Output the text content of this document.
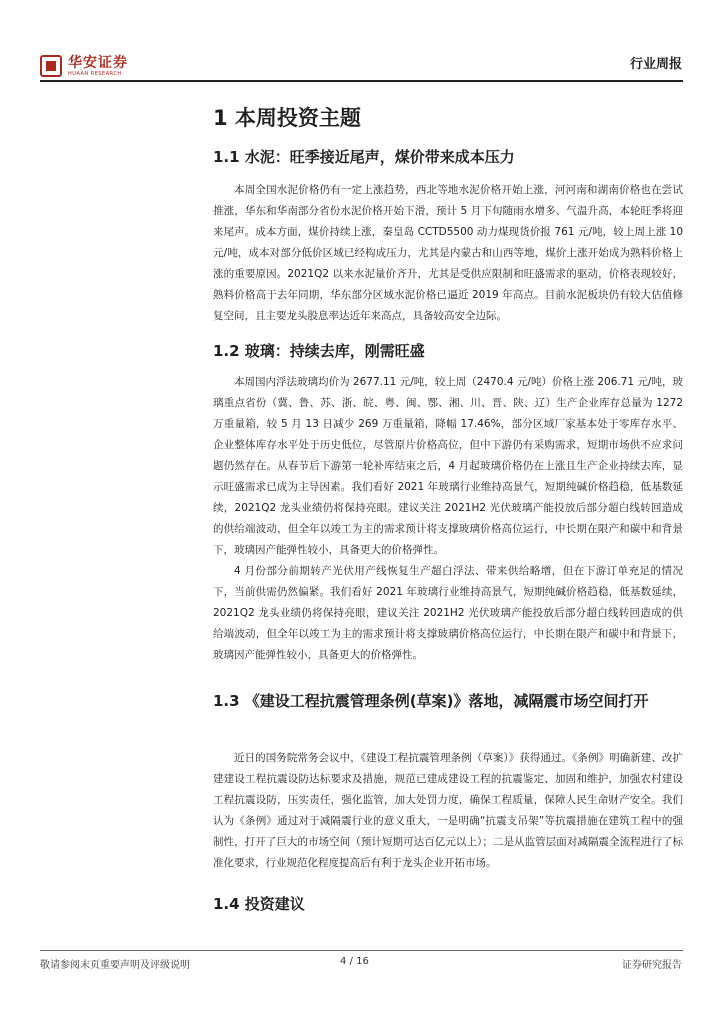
华安证券
HUAAN RESEARCH
行业周报
1 本周投资主题
1.1 水泥：旺季接近尾声，煤价带来成本压力

本周全国水泥价格仍有一定上涨趋势，西北等地水泥价格开始上涨，河河南和湖南价格也在尝试推涨，华东和华南部分省份水泥价格开始下滑，预计 5 月下旬随雨水增多、气温升高，本轮旺季将迎来尾声。成本方面，煤价持续上涨，秦皇岛 CCTD5500 动力煤现货价报 761 元/吨，较上周上涨 10 元/吨，成本对部分低价区域已经构成压力，尤其是内蒙古和山西等地，煤价上涨开始成为熟料价格上涨的重要原因。2021Q2 以来水泥量价齐升，尤其是受供应限制和旺盛需求的驱动，价格表现较好，熟料价格高于去年同期，华东部分区域水泥价格已逼近 2019 年高点。目前水泥板块仍有较大估值修复空间，且主要龙头股息率达近年来高点，具备较高安全边际。

1.2 玻璃：持续去库，刚需旺盛

本周国内浮法玻璃均价为 2677.11 元/吨，较上周（2470.4 元/吨）价格上涨 206.71 元/吨，玻璃重点省份（冀、鲁、苏、浙、皖、粤、闽、鄂、湘、川、晋、陕、辽）生产企业库存总量为 1272 万重量箱，较 5 月 13 日减少 269 万重量箱，降幅 17.46%，部分区域厂家基本处于零库存水平、企业整体库存水平处于历史低位，尽管原片价格高位，但中下游仍有采购需求，短期市场供不应求问题仍然存在。从春节后下游第一轮补库结束之后，4 月起玻璃价格仍在上涨且生产企业持续去库，显示旺盛需求已成为主导因素。我们看好 2021 年玻璃行业维持高景气，短期纯碱价格趋稳，低基数延续，2021Q2 龙头业绩仍将保持亮眼。建议关注 2021H2 光伏玻璃产能投放后部分超白线转回造成的供给端波动，但全年以竣工为主的需求预计将支撑玻璃价格高位运行，中长期在限产和碳中和背景下，玻璃因产能弹性较小，具备更大的价格弹性。

4 月份部分前期转产光伏用产线恢复生产超白浮法、带来供给略增，但在下游订单充足的情况下，当前供需仍然偏紧。我们看好 2021 年玻璃行业维持高景气，短期纯碱价格趋稳，低基数延续，2021Q2 龙头业绩仍将保持亮眼，建议关注 2021H2 光伏玻璃产能投放后部分超白线转回造成的供给端波动，但全年以竣工为主的需求预计将支撑玻璃价格高位运行，中长期在限产和碳中和背景下，玻璃因产能弹性较小，具备更大的价格弹性。

1.3 《建设工程抗震管理条例(草案)》落地，减隔震市场空间打开

近日的国务院常务会议中，《建设工程抗震管理条例（草案）》获得通过。《条例》明确新建、改扩建建设工程抗震设防达标要求及措施，规范已建成建设工程的抗震鉴定、加固和维护，加强农村建设工程抗震设防，压实责任，强化监管，加大处罚力度，确保工程质量，保障人民生命财产安全。我们认为《条例》通过对于减隔震行业的意义重大，一是明确“抗震支吊架”等抗震措施在建筑工程中的强制性，打开了巨大的市场空间（预计短期可达百亿元以上）；二是从监管层面对减隔震全流程进行了标准化要求，行业规范化程度提高后有利于龙头企业开拓市场。

1.4 投资建议
敬请参阅末页重要声明及评级说明	4 / 16	证券研究报告
